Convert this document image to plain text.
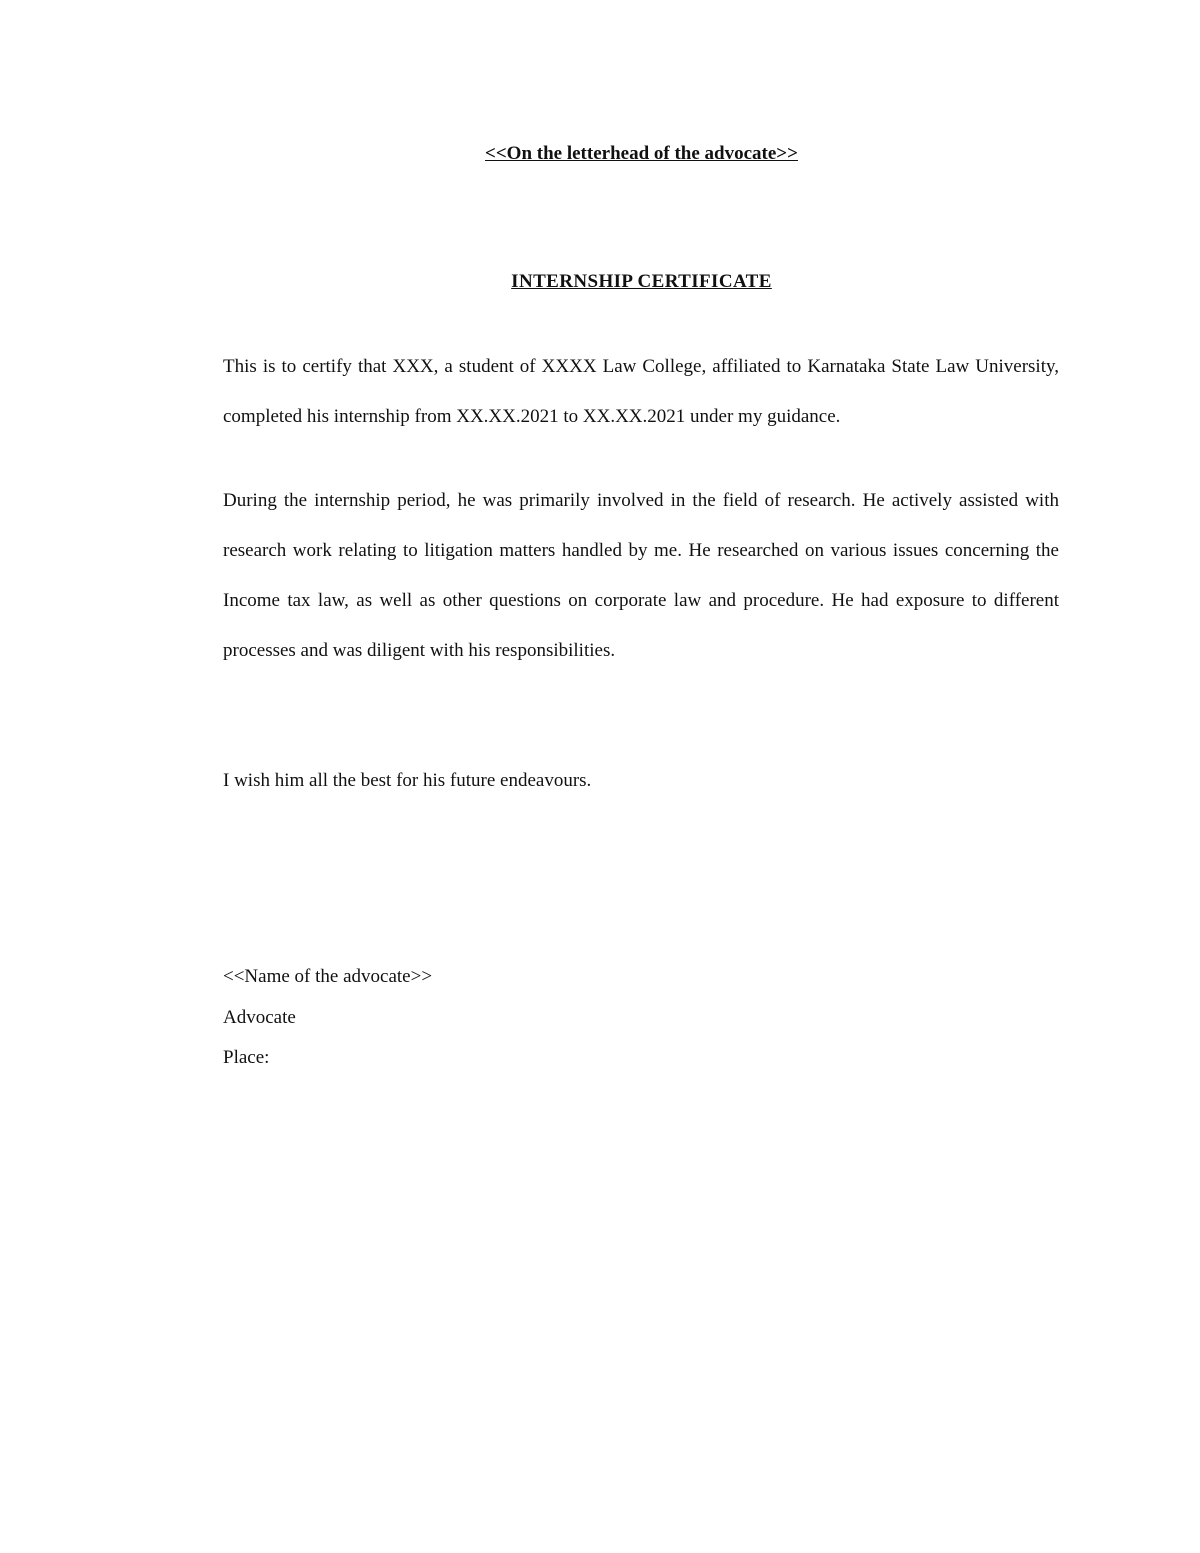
<<On the letterhead of the advocate>>
INTERNSHIP CERTIFICATE

This is to certify that XXX, a student of XXXX Law College, affiliated to Karnataka State Law University, completed his internship from XX.XX.2021 to XX.XX.2021 under my guidance.

During the internship period, he was primarily involved in the field of research. He actively assisted with research work relating to litigation matters handled by me. He researched on various issues concerning the Income tax law, as well as other questions on corporate law and procedure. He had exposure to different processes and was diligent with his responsibilities.

I wish him all the best for his future endeavours.

<<Name of the advocate>>

Advocate

Place:
